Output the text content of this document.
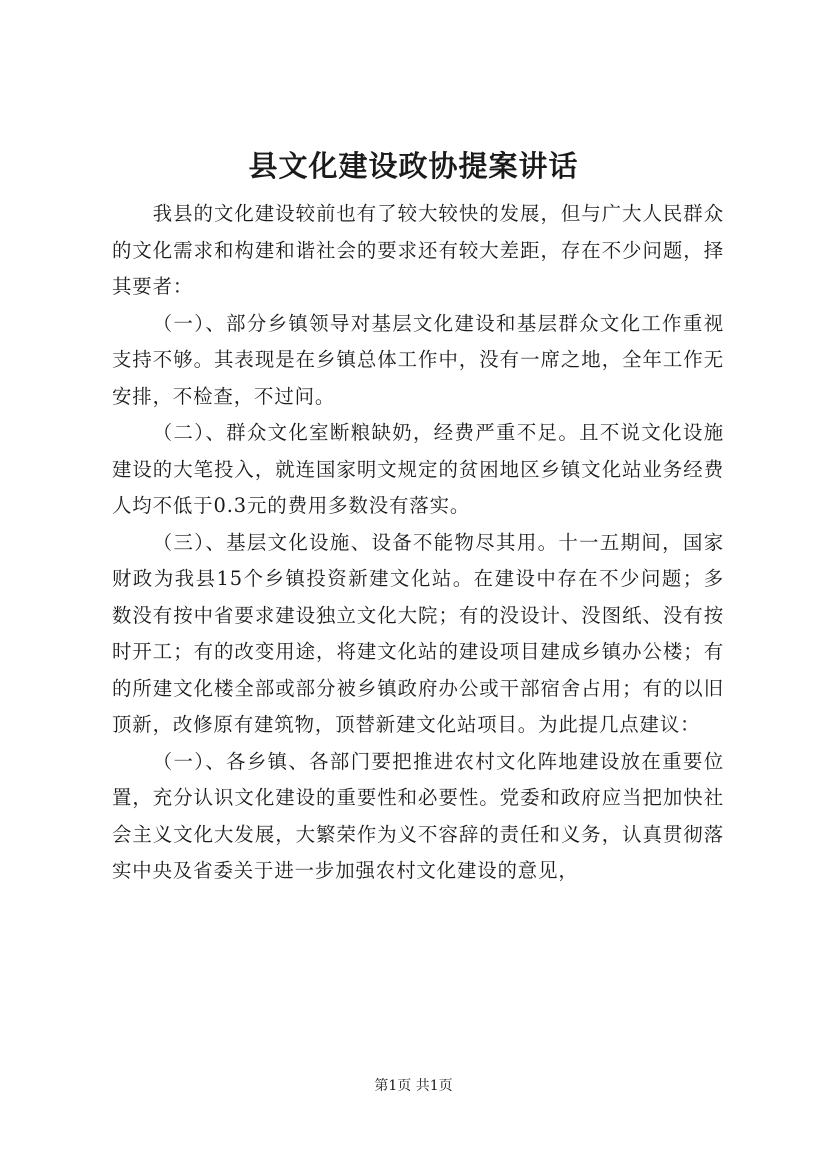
县文化建设政协提案讲话

我县的文化建设较前也有了较大较快的发展，但与广大人民群众的文化需求和构建和谐社会的要求还有较大差距，存在不少问题，择其要者：

（一）、部分乡镇领导对基层文化建设和基层群众文化工作重视支持不够。其表现是在乡镇总体工作中，没有一席之地，全年工作无安排，不检查，不过问。

（二）、群众文化室断粮缺奶，经费严重不足。且不说文化设施建设的大笔投入，就连国家明文规定的贫困地区乡镇文化站业务经费人均不低于0.3元的费用多数没有落实。

（三）、基层文化设施、设备不能物尽其用。十一五期间，国家财政为我县15个乡镇投资新建文化站。在建设中存在不少问题；多数没有按中省要求建设独立文化大院；有的没设计、没图纸、没有按时开工；有的改变用途，将建文化站的建设项目建成乡镇办公楼；有的所建文化楼全部或部分被乡镇政府办公或干部宿舍占用；有的以旧顶新，改修原有建筑物，顶替新建文化站项目。为此提几点建议：

（一）、各乡镇、各部门要把推进农村文化阵地建设放在重要位置，充分认识文化建设的重要性和必要性。党委和政府应当把加快社会主义文化大发展，大繁荣作为义不容辞的责任和义务，认真贯彻落实中央及省委关于进一步加强农村文化建设的意见，

第1页 共1页
